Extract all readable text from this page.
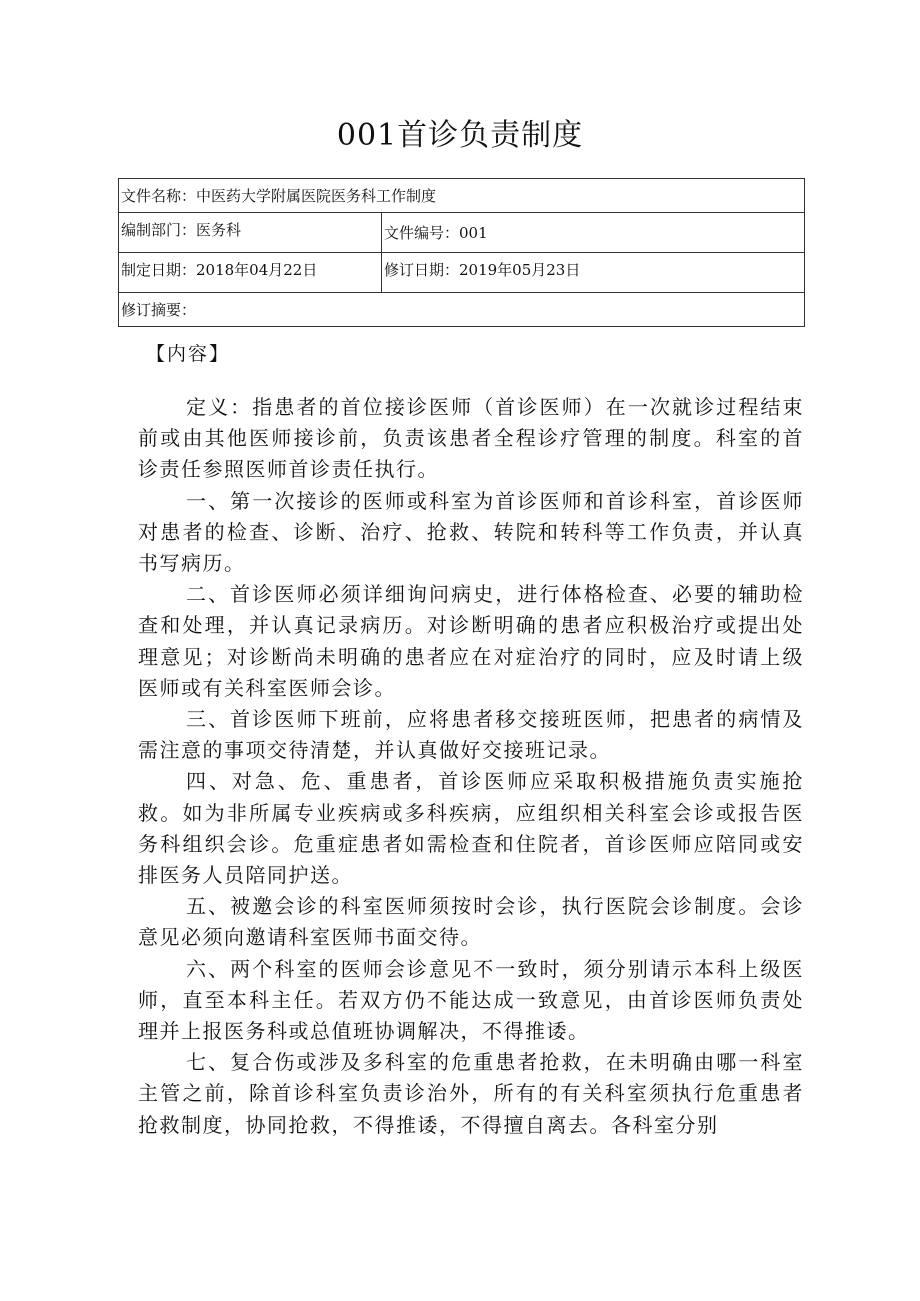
001首诊负责制度
文件名称：中医药大学附属医院医务科工作制度	
编制部门：医务科	文件编号：001
制定日期：2018年04月22日	修订日期：2019年05月23日
修订摘要：	
【内容】

定义：指患者的首位接诊医师（首诊医师）在一次就诊过程结束前或由其他医师接诊前，负责该患者全程诊疗管理的制度。科室的首诊责任参照医师首诊责任执行。

一、第一次接诊的医师或科室为首诊医师和首诊科室，首诊医师对患者的检查、诊断、治疗、抢救、转院和转科等工作负责，并认真书写病历。

二、首诊医师必须详细询问病史，进行体格检查、必要的辅助检查和处理，并认真记录病历。对诊断明确的患者应积极治疗或提出处理意见；对诊断尚未明确的患者应在对症治疗的同时，应及时请上级医师或有关科室医师会诊。

三、首诊医师下班前，应将患者移交接班医师，把患者的病情及需注意的事项交待清楚，并认真做好交接班记录。

四、对急、危、重患者，首诊医师应采取积极措施负责实施抢救。如为非所属专业疾病或多科疾病，应组织相关科室会诊或报告医务科组织会诊。危重症患者如需检查和住院者，首诊医师应陪同或安排医务人员陪同护送。

五、被邀会诊的科室医师须按时会诊，执行医院会诊制度。会诊意见必须向邀请科室医师书面交待。

六、两个科室的医师会诊意见不一致时，须分别请示本科上级医师，直至本科主任。若双方仍不能达成一致意见，由首诊医师负责处理并上报医务科或总值班协调解决，不得推诿。

七、复合伤或涉及多科室的危重患者抢救，在未明确由哪一科室主管之前，除首诊科室负责诊治外，所有的有关科室须执行危重患者抢救制度，协同抢救，不得推诿，不得擅自离去。各科室分别
